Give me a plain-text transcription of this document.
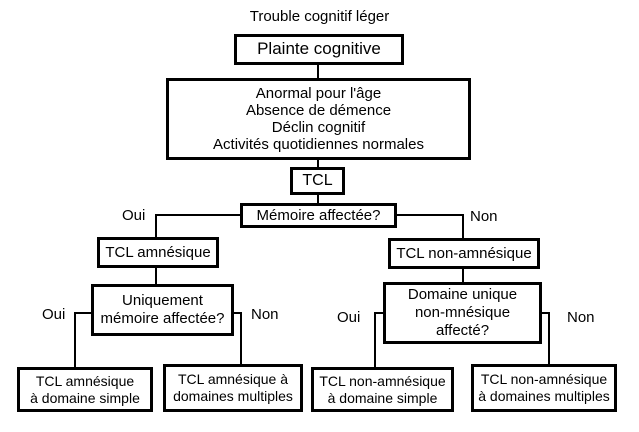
Trouble cognitif léger
Plainte cognitive
Anormal pour l'âge
Absence de démence
Déclin cognitif
Activités quotidiennes normales
TCL
Mémoire affectée?
Oui	Non
TCL amnésique	TCL non-amnésique
Uniquement
mémoire affectée?
Oui	Non
Domaine unique
non-mnésique
affecté?
Oui	Non
TCL amnésique
à domaine simple
TCL amnésique à
domaines multiples
TCL non-amnésique
à domaine simple
TCL non-amnésique
à domaines multiples
